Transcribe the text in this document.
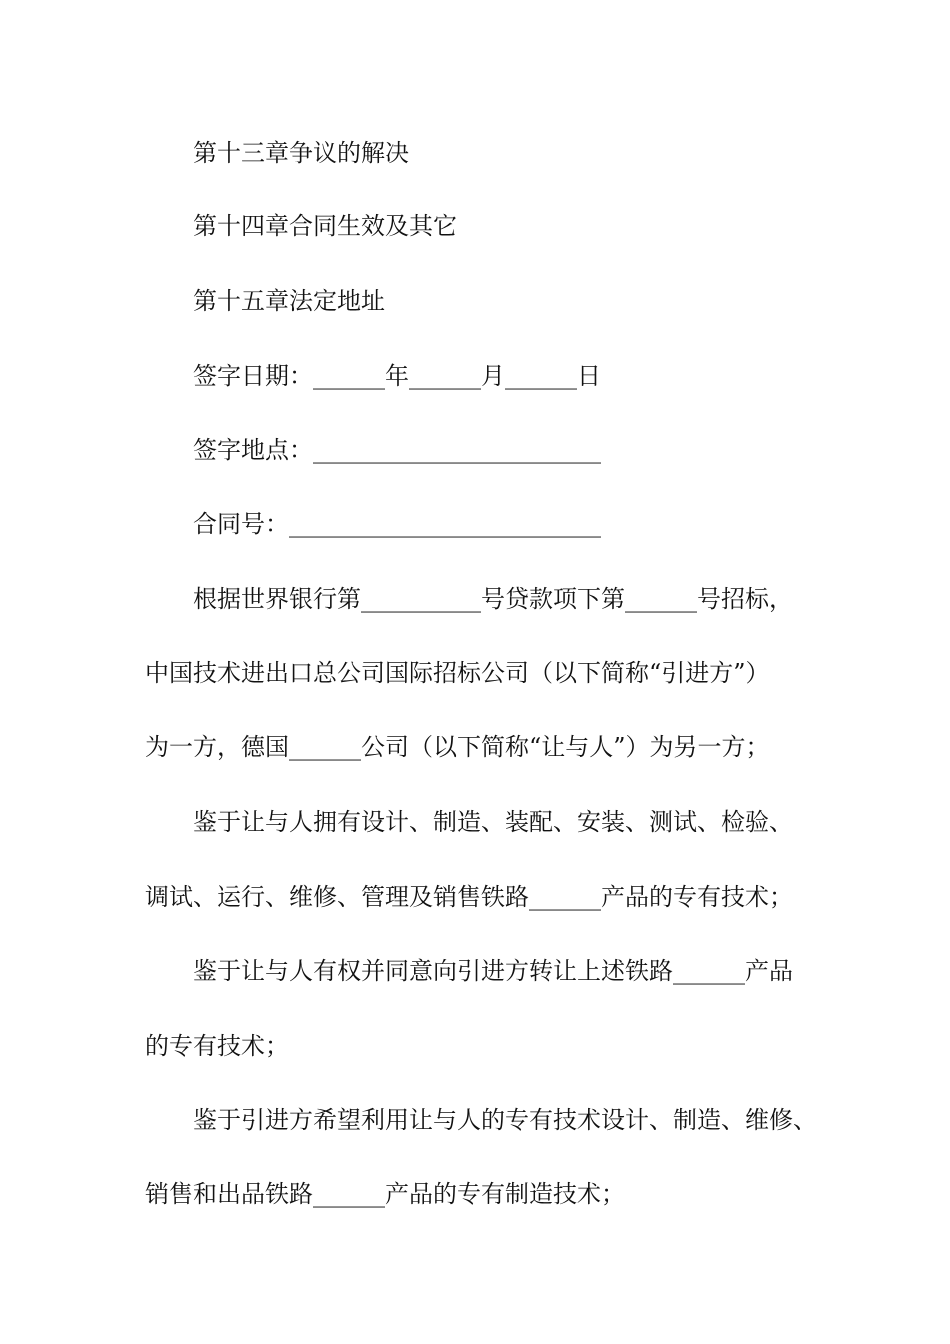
第十三章争议的解决
第十四章合同生效及其它
第十五章法定地址
签字日期：______年______月______日
签字地点：________________________
合同号：__________________________
根据世界银行第__________号贷款项下第______号招标，
中国技术进出口总公司国际招标公司（以下简称“引进方”）
为一方，德国______公司（以下简称“让与人”）为另一方；
鉴于让与人拥有设计、制造、装配、安装、测试、检验、
调试、运行、维修、管理及销售铁路______产品的专有技术；
鉴于让与人有权并同意向引进方转让上述铁路______产品
的专有技术；
鉴于引进方希望利用让与人的专有技术设计、制造、维修、
销售和出品铁路______产品的专有制造技术；
